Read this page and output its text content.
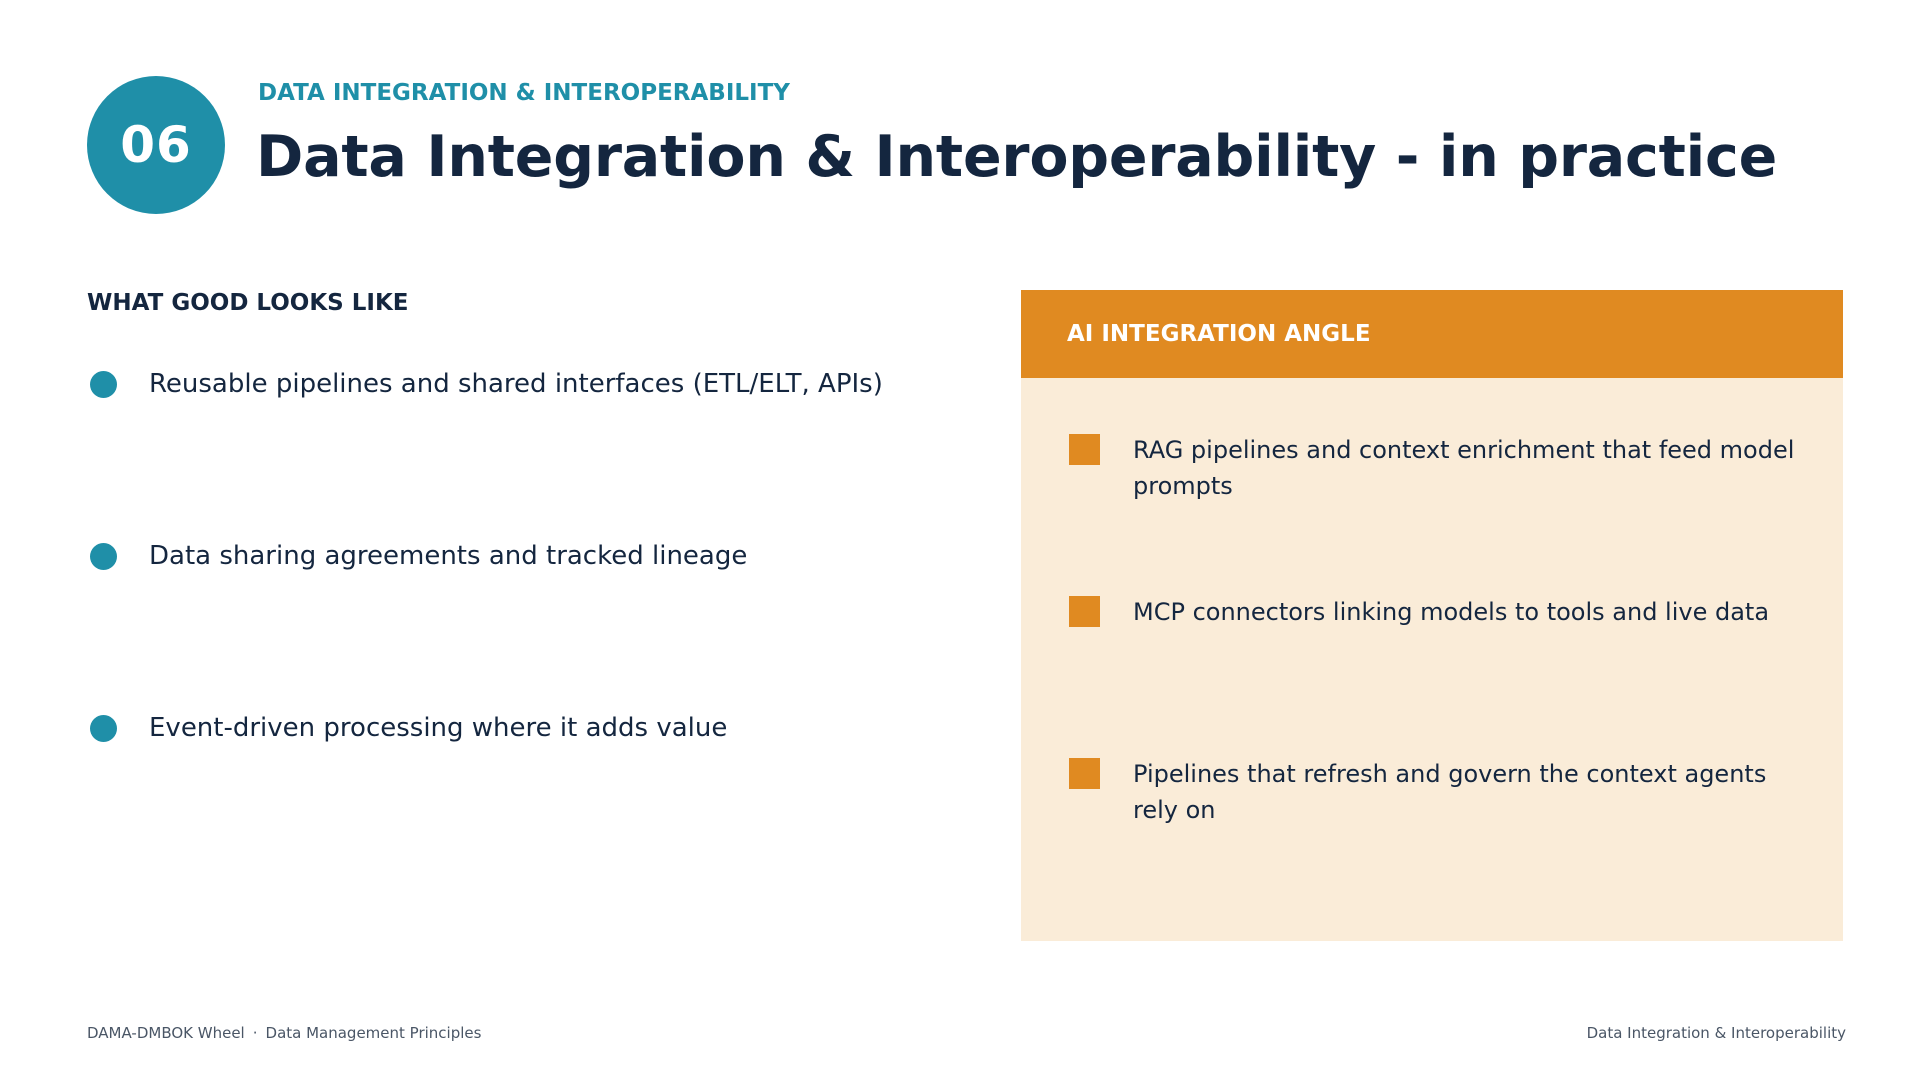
06
DATA INTEGRATION & INTEROPERABILITY
Data Integration & Interoperability - in practice
WHAT GOOD LOOKS LIKE
Reusable pipelines and shared interfaces (ETL/ELT, APIs)
Data sharing agreements and tracked lineage
Event-driven processing where it adds value
AI INTEGRATION ANGLE
RAG pipelines and context enrichment that feed model prompts
MCP connectors linking models to tools and live data
Pipelines that refresh and govern the context agents rely on
DAMA-DMBOK Wheel · Data Management Principles	Data Integration & Interoperability
